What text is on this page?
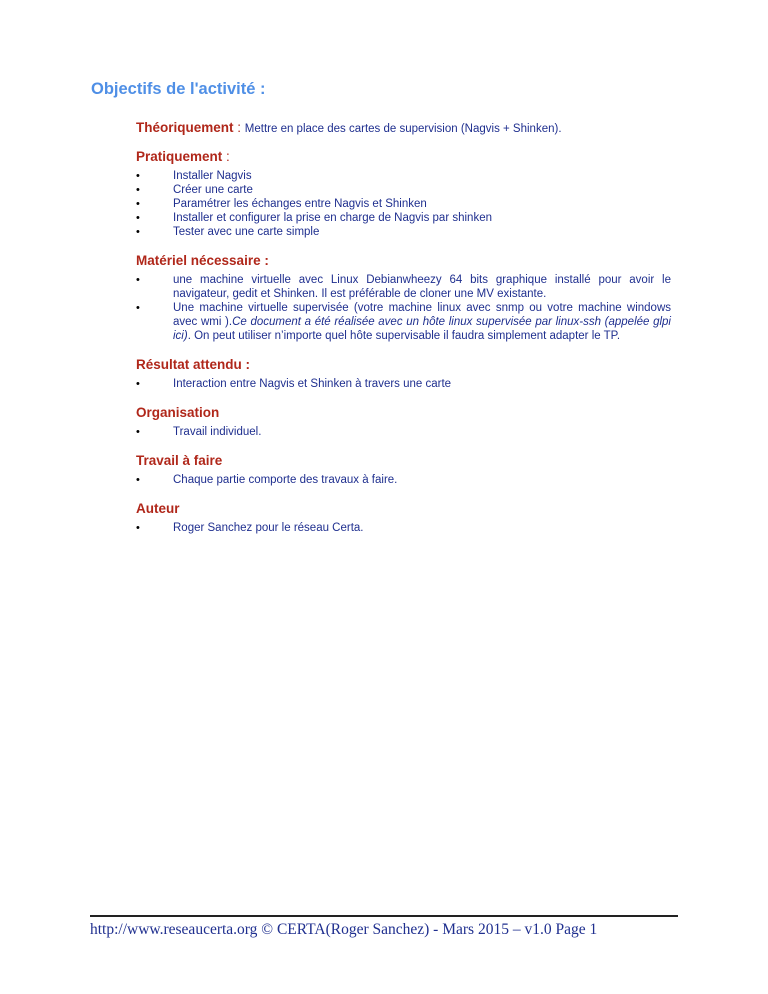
Objectifs de l'activité :
Théoriquement : Mettre en place des cartes de supervision (Nagvis + Shinken).
Pratiquement :
• Installer Nagvis
• Créer une carte
• Paramétrer les échanges entre Nagvis et Shinken
• Installer et configurer la prise en charge de Nagvis par shinken
• Tester avec une carte simple
Matériel nécessaire :
• une machine virtuelle avec Linux Debianwheezy 64 bits graphique installé pour avoir le navigateur, gedit et Shinken. Il est préférable de cloner une MV existante.
• Une machine virtuelle supervisée (votre machine linux avec snmp ou votre machine windows avec wmi ).Ce document a été réalisée avec un hôte linux supervisée par linux-ssh (appelée glpi ici). On peut utiliser n’importe quel hôte supervisable il faudra simplement adapter le TP.
Résultat attendu :
• Interaction entre Nagvis et Shinken à travers une carte
Organisation
• Travail individuel.
Travail à faire
• Chaque partie comporte des travaux à faire.
Auteur
• Roger Sanchez pour le réseau Certa.
http://www.reseaucerta.org © CERTA(Roger Sanchez) - Mars 2015 – v1.0 Page 1
